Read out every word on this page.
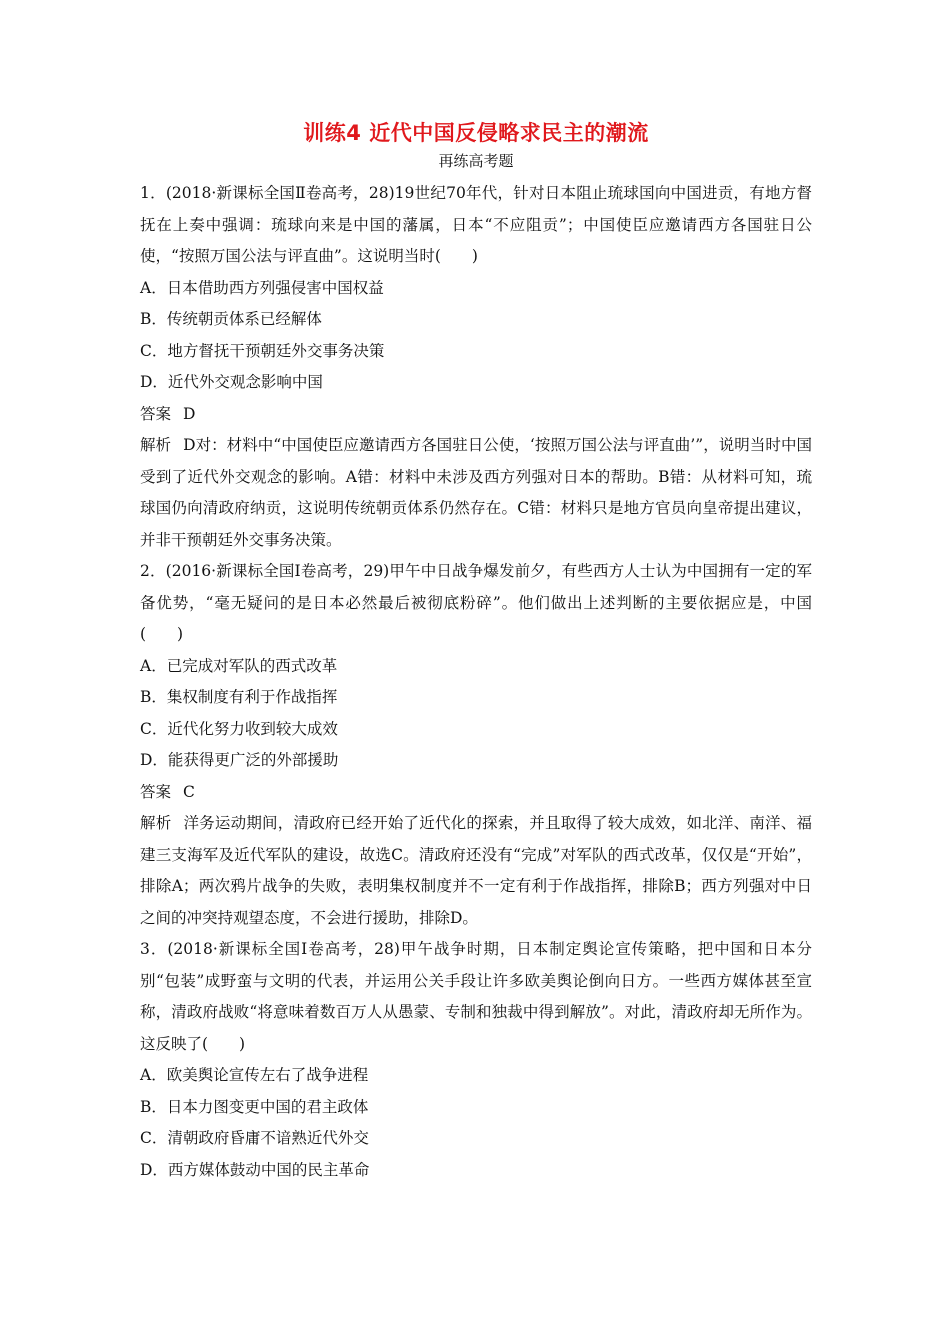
训练4 近代中国反侵略求民主的潮流
再练高考题

1．(2018·新课标全国Ⅱ卷高考，28)19世纪70年代，针对日本阻止琉球国向中国进贡，有地方督抚在上奏中强调：琉球向来是中国的藩属，日本“不应阻贡”；中国使臣应邀请西方各国驻日公使，“按照万国公法与评直曲”。这说明当时(　　)

A．日本借助西方列强侵害中国权益

B．传统朝贡体系已经解体

C．地方督抚干预朝廷外交事务决策

D．近代外交观念影响中国

答案 D

解析 D对：材料中“中国使臣应邀请西方各国驻日公使，‘按照万国公法与评直曲’”，说明当时中国受到了近代外交观念的影响。A错：材料中未涉及西方列强对日本的帮助。B错：从材料可知，琉球国仍向清政府纳贡，这说明传统朝贡体系仍然存在。C错：材料只是地方官员向皇帝提出建议，并非干预朝廷外交事务决策。

2．(2016·新课标全国Ⅰ卷高考，29)甲午中日战争爆发前夕，有些西方人士认为中国拥有一定的军备优势，“毫无疑问的是日本必然最后被彻底粉碎”。他们做出上述判断的主要依据应是，中国(　　)

A．已完成对军队的西式改革

B．集权制度有利于作战指挥

C．近代化努力收到较大成效

D．能获得更广泛的外部援助

答案 C

解析 洋务运动期间，清政府已经开始了近代化的探索，并且取得了较大成效，如北洋、南洋、福建三支海军及近代军队的建设，故选C。清政府还没有“完成”对军队的西式改革，仅仅是“开始”，排除A；两次鸦片战争的失败，表明集权制度并不一定有利于作战指挥，排除B；西方列强对中日之间的冲突持观望态度，不会进行援助，排除D。

3．(2018·新课标全国Ⅰ卷高考，28)甲午战争时期，日本制定舆论宣传策略，把中国和日本分别“包装”成野蛮与文明的代表，并运用公关手段让许多欧美舆论倒向日方。一些西方媒体甚至宣称，清政府战败“将意味着数百万人从愚蒙、专制和独裁中得到解放”。对此，清政府却无所作为。这反映了(　　)

A．欧美舆论宣传左右了战争进程

B．日本力图变更中国的君主政体

C．清朝政府昏庸不谙熟近代外交

D．西方媒体鼓动中国的民主革命
